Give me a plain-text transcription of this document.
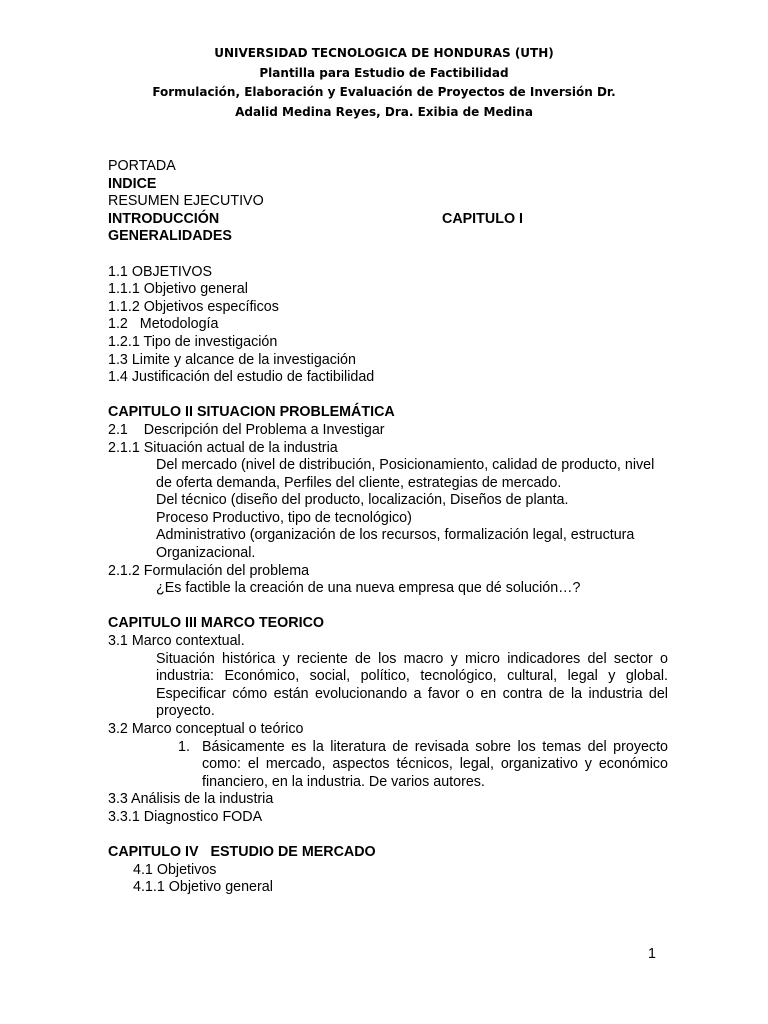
UNIVERSIDAD TECNOLOGICA DE HONDURAS (UTH)
Plantilla para Estudio de Factibilidad
Formulación, Elaboración y Evaluación de Proyectos de Inversión Dr.
Adalid Medina Reyes, Dra. Exibia de Medina
PORTADA
INDICE
RESUMEN EJECUTIVO
INTRODUCCIÓN	CAPITULO I
GENERALIDADES
1.1 OBJETIVOS
1.1.1 Objetivo general
1.1.2 Objetivos específicos
1.2   Metodología
1.2.1 Tipo de investigación
1.3 Limite y alcance de la investigación
1.4 Justificación del estudio de factibilidad
CAPITULO II SITUACION PROBLEMÁTICA
2.1    Descripción del Problema a Investigar
2.1.1 Situación actual de la industria
Del mercado (nivel de distribución, Posicionamiento, calidad de producto, nivel de oferta demanda, Perfiles del cliente, estrategias de mercado.
Del técnico (diseño del producto, localización, Diseños de planta.
Proceso Productivo, tipo de tecnológico)
Administrativo (organización de los recursos, formalización legal, estructura Organizacional.
2.1.2 Formulación del problema
¿Es factible la creación de una nueva empresa que dé solución…?
CAPITULO III MARCO TEORICO
3.1 Marco contextual.
Situación histórica y reciente de los macro y micro indicadores del sector o industria: Económico, social, político, tecnológico, cultural, legal y global. Especificar cómo están evolucionando a favor o en contra de la industria del proyecto.
3.2 Marco conceptual o teórico
1. Básicamente es la literatura de revisada sobre los temas del proyecto como: el mercado, aspectos técnicos, legal, organizativo y económico financiero, en la industria. De varios autores.
3.3 Análisis de la industria
3.3.1 Diagnostico FODA
CAPITULO IV   ESTUDIO DE MERCADO
4.1 Objetivos
4.1.1 Objetivo general
1
